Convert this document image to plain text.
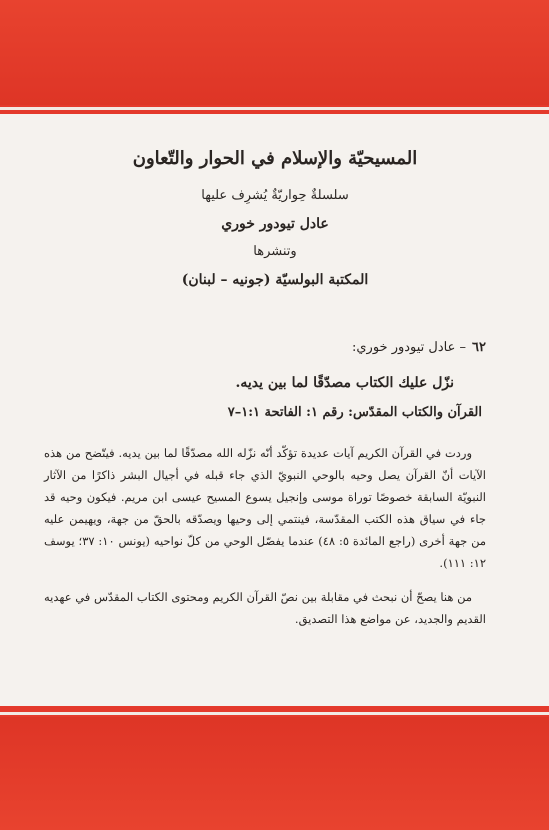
المسيحيّة والإسلام في الحوار والتّعاون
سلسلةٌ حِواريّةٌ يُشرِف عليها
عادل تيودور خوري
وتنشرها
المكتبة البولسيّة (جونيه – لبنان)
٦٢– عادل تيودور خوري:
نزّل عليك الكتاب مصدّقًا لما بين يديه.
القرآن والكتاب المقدّس: رقم ١: الفاتحة ١:١–٧

وردت في القرآن الكريم آيات عديدة تؤكّد أنّه نزّله الله مصدّقًا لما بين يديه. فيتّضح من هذه الآيات أنّ القرآن يصل وحيه بالوحي النبويّ الذي جاء قبله في أجيال البشر ذاكرًا من الآثار النبويّة السابقة خصوصًا توراة موسى وإنجيل يسوع المسيح عيسى ابن مريم. فيكون وحيه قد جاء في سياق هذه الكتب المقدّسة، فينتمي إلى وحيها ويصدّقه بالحقّ من جهة، ويهيمن عليه من جهة أخرى (راجع المائدة ٥: ٤٨) عندما يفصّل الوحي من كلّ نواحيه (يونس ١٠: ٣٧؛ يوسف ١٢: ١١١).

من هنا يصحّ أن نبحث في مقابلة بين نصّ القرآن الكريم ومحتوى الكتاب المقدّس في عهديه القديم والجديد، عن مواضع هذا التصديق.
